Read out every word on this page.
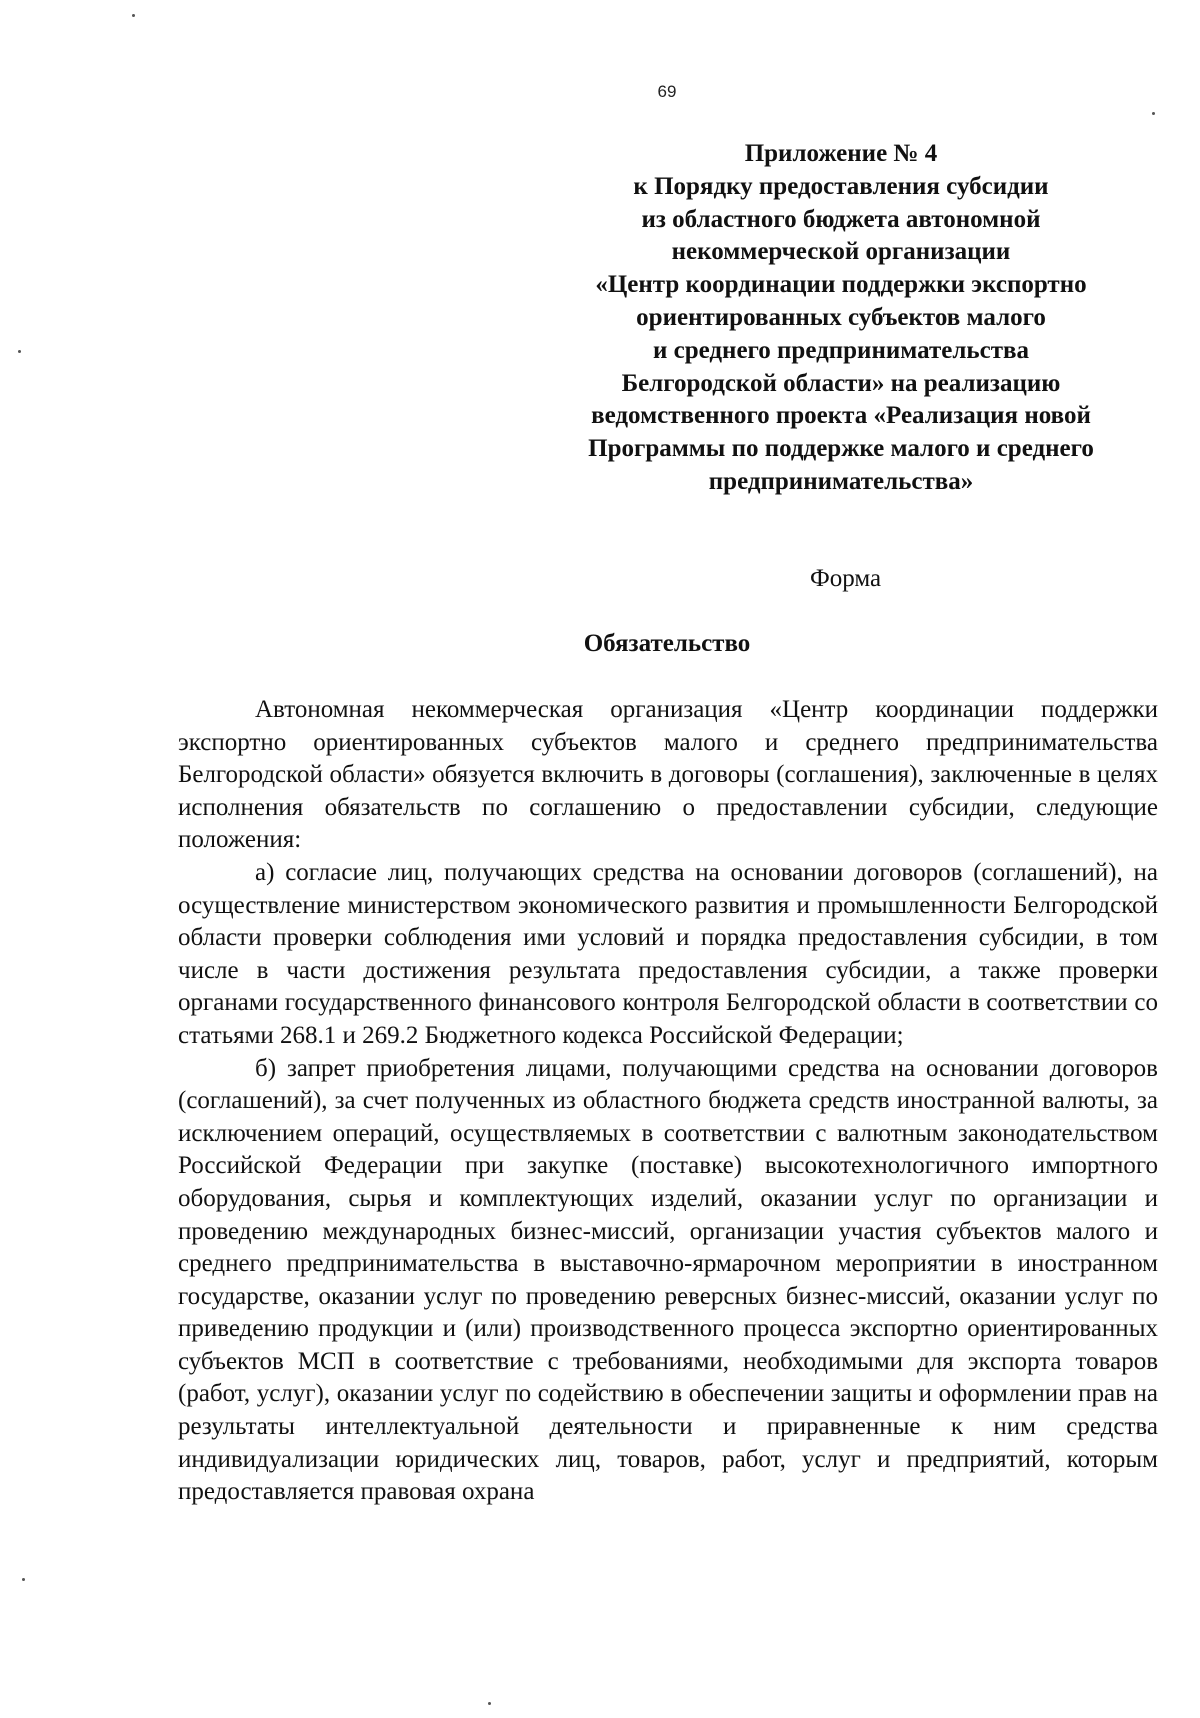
69
Приложение № 4
к Порядку предоставления субсидии
из областного бюджета автономной
некоммерческой организации
«Центр координации поддержки экспортно
ориентированных субъектов малого
и среднего предпринимательства
Белгородской области» на реализацию
ведомственного проекта «Реализация новой
Программы по поддержке малого и среднего
предпринимательства»
Форма
Обязательство

Автономная некоммерческая организация «Центр координации поддержки экспортно ориентированных субъектов малого и среднего предпринимательства Белгородской области» обязуется включить в договоры (соглашения), заключенные в целях исполнения обязательств по соглашению о предоставлении субсидии, следующие положения:

а) согласие лиц, получающих средства на основании договоров (соглашений), на осуществление министерством экономического развития и промышленности Белгородской области проверки соблюдения ими условий и порядка предоставления субсидии, в том числе в части достижения результата предоставления субсидии, а также проверки органами государственного финансового контроля Белгородской области в соответствии со статьями 268.1 и 269.2 Бюджетного кодекса Российской Федерации;

б) запрет приобретения лицами, получающими средства на основании договоров (соглашений), за счет полученных из областного бюджета средств иностранной валюты, за исключением операций, осуществляемых в соответствии с валютным законодательством Российской Федерации при закупке (поставке) высокотехнологичного импортного оборудования, сырья и комплектующих изделий, оказании услуг по организации и проведению международных бизнес-миссий, организации участия субъектов малого и среднего предпринимательства в выставочно-ярмарочном мероприятии в иностранном государстве, оказании услуг по проведению реверсных бизнес-миссий, оказании услуг по приведению продукции и (или) производственного процесса экспортно ориентированных субъектов МСП в соответствие с требованиями, необходимыми для экспорта товаров (работ, услуг), оказании услуг по содействию в обеспечении защиты и оформлении прав на результаты интеллектуальной деятельности и приравненные к ним средства индивидуализации юридических лиц, товаров, работ, услуг и предприятий, которым предоставляется правовая охрана
